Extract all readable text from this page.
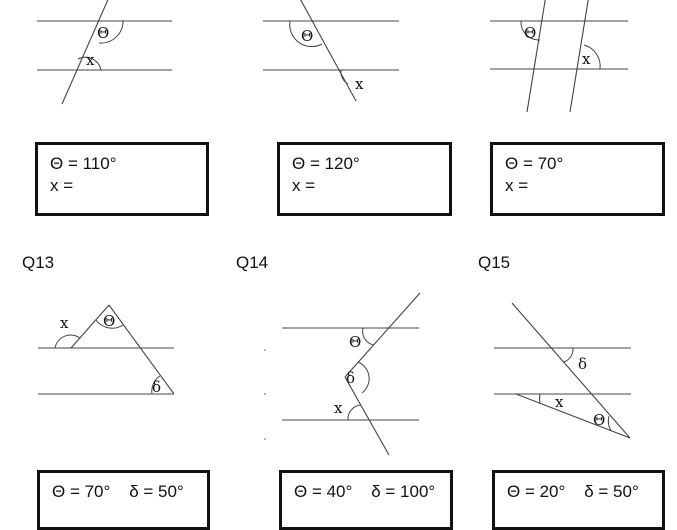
Θ
x
Θ
x
Θ
x
x Θ
δ
Θ
δ
x
δ
x
Θ
Θ = 110°
x =
Θ = 120°
x =
Θ = 70°
x =
Q13	Q14	Q15
Θ = 70°    δ = 50°	Θ = 40°    δ = 100°	Θ = 20°    δ = 50°
